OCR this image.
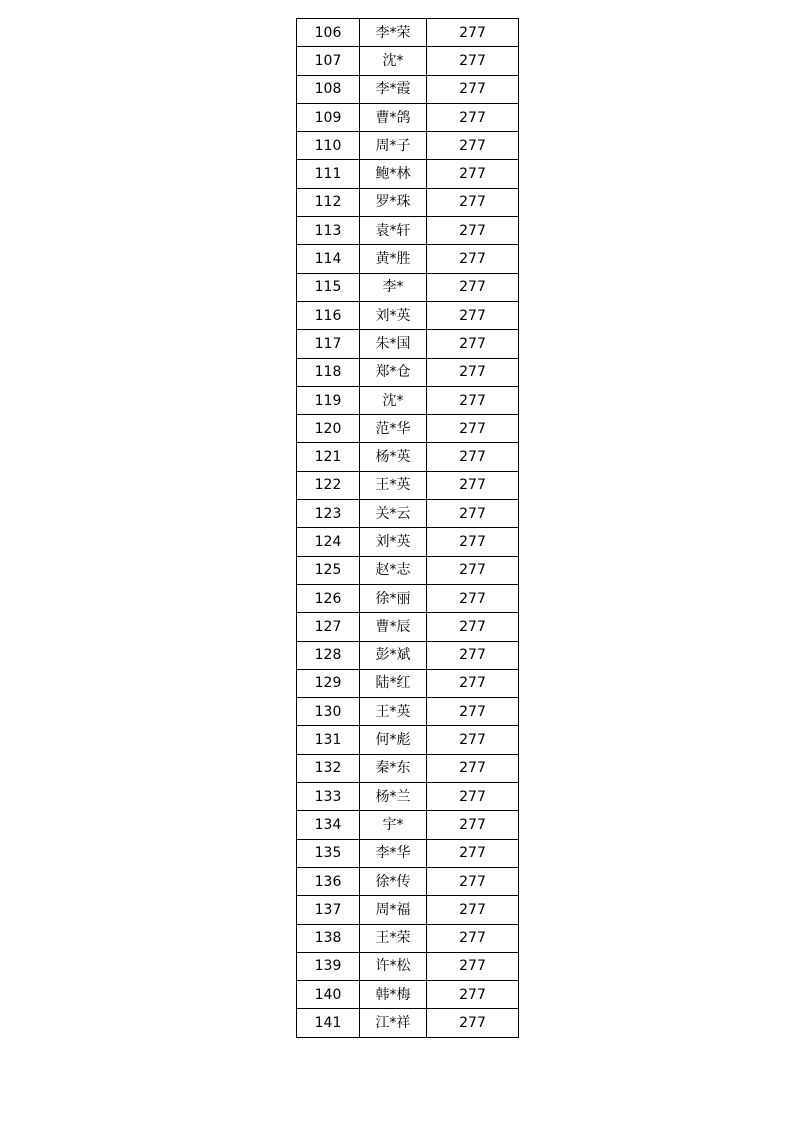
106	李*荣	277
107	沈*	277
108	李*霞	277
109	曹*鸽	277
110	周*子	277
111	鲍*林	277
112	罗*珠	277
113	袁*轩	277
114	黄*胜	277
115	李*	277
116	刘*英	277
117	朱*国	277
118	郑*仓	277
119	沈*	277
120	范*华	277
121	杨*英	277
122	王*英	277
123	关*云	277
124	刘*英	277
125	赵*志	277
126	徐*丽	277
127	曹*辰	277
128	彭*斌	277
129	陆*红	277
130	王*英	277
131	何*彪	277
132	秦*东	277
133	杨*兰	277
134	宇*	277
135	李*华	277
136	徐*传	277
137	周*福	277
138	王*荣	277
139	许*松	277
140	韩*梅	277
141	江*祥	277
